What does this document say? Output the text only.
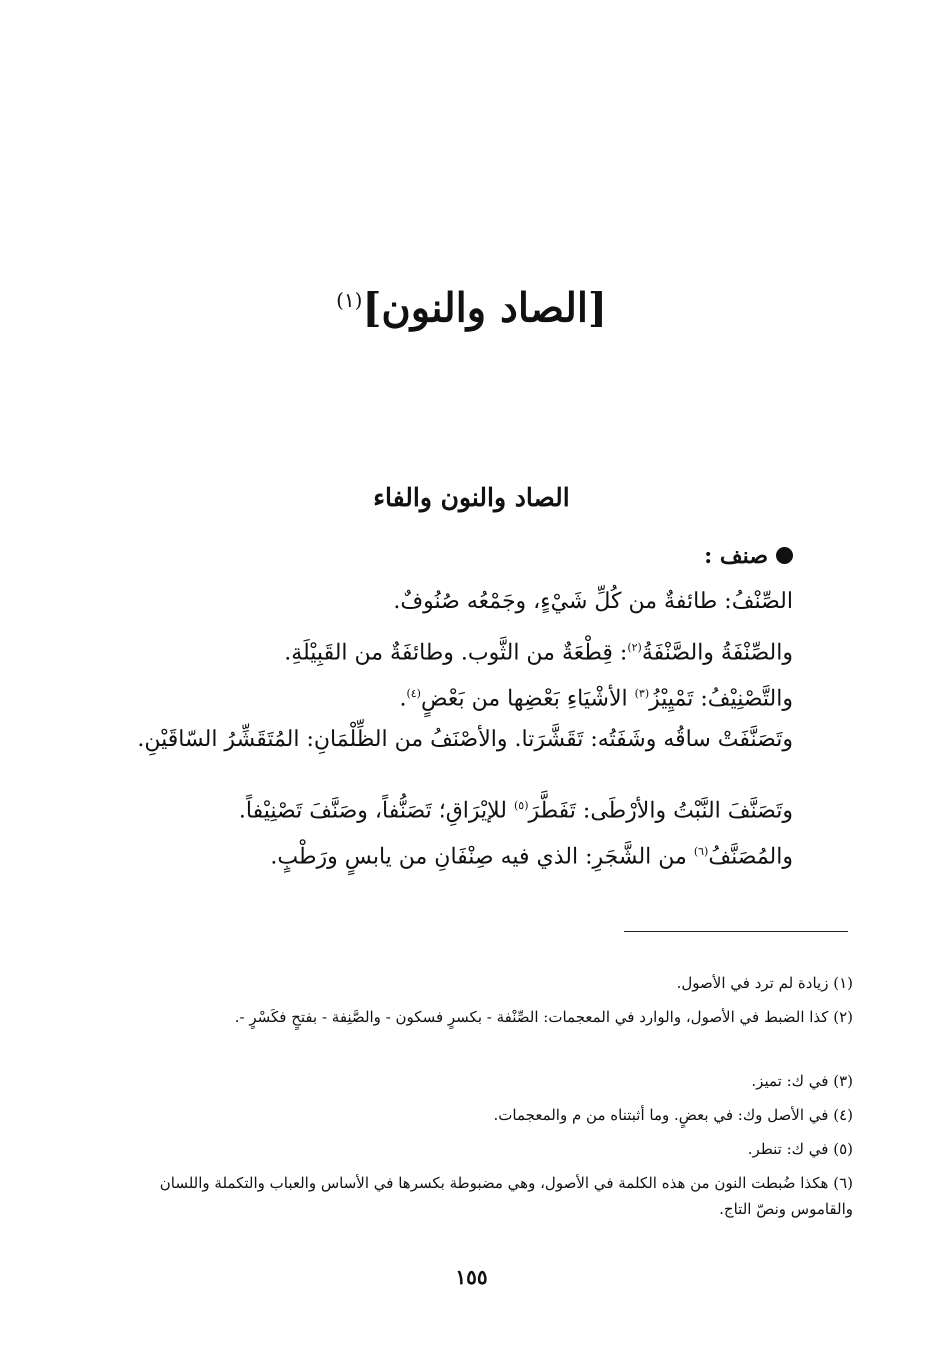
[الصاد والنون]$^{(١)}$
الصاد والنون والفاء
صنف :
الصِّنْفُ: طائفةٌ من كُلِّ شَيْءٍ، وجَمْعُه صُنُوفٌ.
والصِّنْفَةُ والصَّنْفَةُ$^{(٢)}$: قِطْعَةٌ من الثَّوب. وطائفَةٌ من القَبِيْلَةِ.
والتَّصْنِيْفُ: تَمْيِيْزُ$^{(٣)}$ الأشْيَاءِ بَعْضِها من بَعْضٍ$^{(٤)}$.
وتَصَنَّفَتْ ساقُه وشَفَتُه: تَقَشَّرَتا. والأصْنَفُ من الظِّلْمَانِ: المُتَقَشِّرُ السّاقَيْنِ.
وتَصَنَّفَ النَّبْتُ والأرْطَى: تَفَطَّرَ$^{(٥)}$ للإيْرَاقِ؛ تَصَنُّفاً، وصَنَّفَ تَصْنِيْفاً.
والمُصَنَّفُ$^{(٦)}$ من الشَّجَرِ: الذي فيه صِنْفَانِ من يابسٍ ورَطْبٍ.
(١) زيادة لم ترد في الأصول.
(٢) كذا الضبط في الأصول، والوارد في المعجمات: الصِّنْفة - بكسرٍ فسكون - والصَّنِفة - بفتحٍ فكَسْرٍ -.
(٣) في ك: تميز.
(٤) في الأصل وك: في بعضٍ. وما أثبتناه من م والمعجمات.
(٥) في ك: تنطر.
(٦) هكذا ضُبطت النون من هذه الكلمة في الأصول، وهي مضبوطة بكسرها في الأساس والعباب والتكملة واللسان والقاموس ونصّ التاج.
١٥٥
